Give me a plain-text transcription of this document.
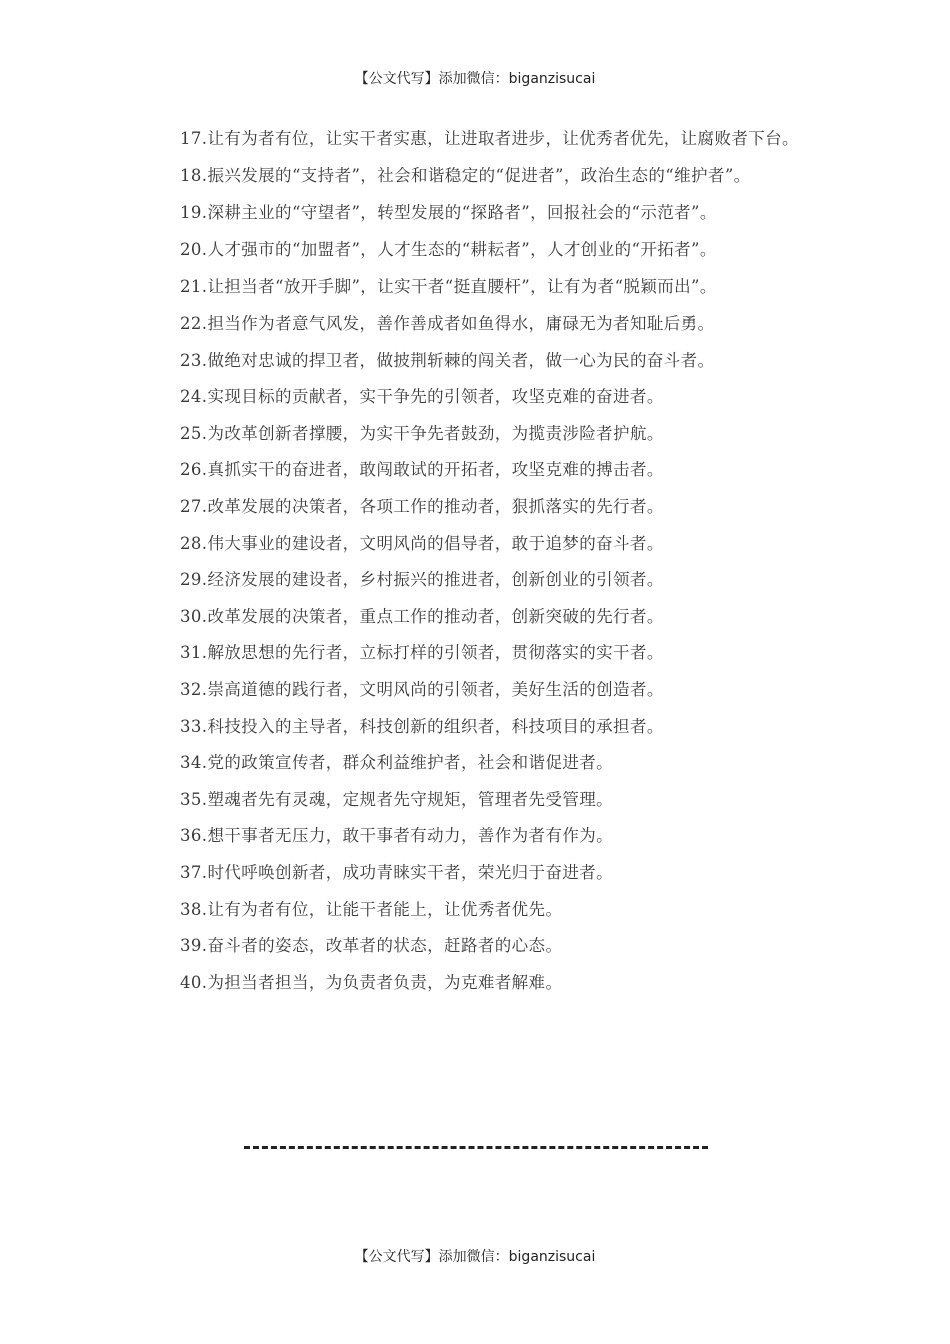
【公文代写】添加微信：biganzisucai

17.让有为者有位，让实干者实惠，让进取者进步，让优秀者优先，让腐败者下台。

18.振兴发展的“支持者”，社会和谐稳定的“促进者”，政治生态的“维护者”。

19.深耕主业的“守望者”，转型发展的“探路者”，回报社会的“示范者”。

20.人才强市的“加盟者”，人才生态的“耕耘者”，人才创业的“开拓者”。

21.让担当者“放开手脚”，让实干者“挺直腰杆”，让有为者“脱颖而出”。

22.担当作为者意气风发，善作善成者如鱼得水，庸碌无为者知耻后勇。

23.做绝对忠诚的捍卫者，做披荆斩棘的闯关者，做一心为民的奋斗者。

24.实现目标的贡献者，实干争先的引领者，攻坚克难的奋进者。

25.为改革创新者撑腰，为实干争先者鼓劲，为揽责涉险者护航。

26.真抓实干的奋进者，敢闯敢试的开拓者，攻坚克难的搏击者。

27.改革发展的决策者，各项工作的推动者，狠抓落实的先行者。

28.伟大事业的建设者，文明风尚的倡导者，敢于追梦的奋斗者。

29.经济发展的建设者，乡村振兴的推进者，创新创业的引领者。

30.改革发展的决策者，重点工作的推动者，创新突破的先行者。

31.解放思想的先行者，立标打样的引领者，贯彻落实的实干者。

32.崇高道德的践行者，文明风尚的引领者，美好生活的创造者。

33.科技投入的主导者，科技创新的组织者，科技项目的承担者。

34.党的政策宣传者，群众利益维护者，社会和谐促进者。

35.塑魂者先有灵魂，定规者先守规矩，管理者先受管理。

36.想干事者无压力，敢干事者有动力，善作为者有作为。

37.时代呼唤创新者，成功青睐实干者，荣光归于奋进者。

38.让有为者有位，让能干者能上，让优秀者优先。

39.奋斗者的姿态，改革者的状态，赶路者的心态。

40.为担当者担当，为负责者负责，为克难者解难。

【公文代写】添加微信：biganzisucai
